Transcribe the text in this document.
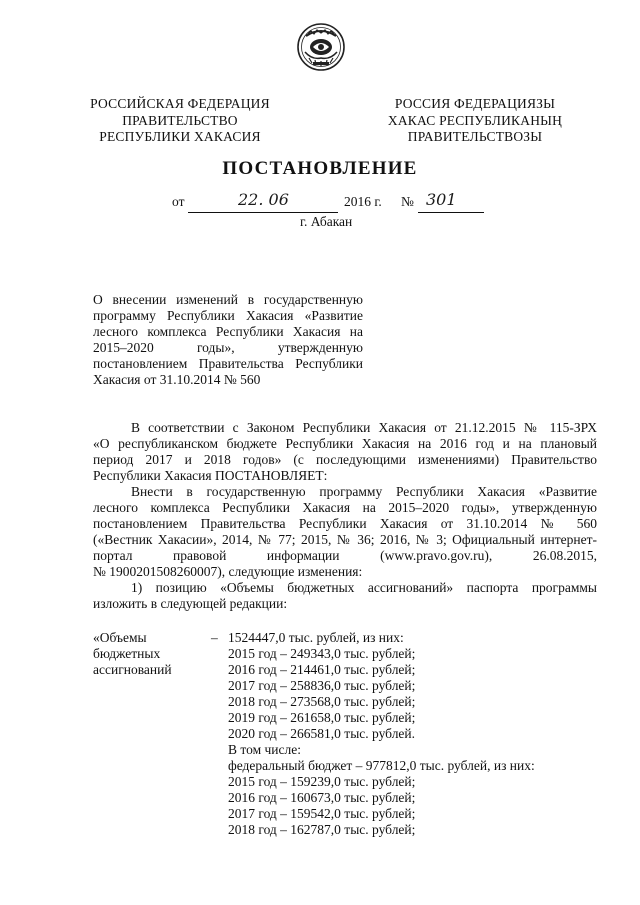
РОССИЙСКАЯ ФЕДЕРАЦИЯ
ПРАВИТЕЛЬСТВО
РЕСПУБЛИКИ ХАКАСИЯ
РОССИЯ ФЕДЕРАЦИЯЗЫ
ХАКАС РЕСПУБЛИКАНЫҢ
ПРАВИТЕЛЬСТВОЗЫ
ПОСТАНОВЛЕНИЕ
от	22. 06	2016 г. № 301
г. Абакан
О внесении изменений в государственную
программу Республики Хакасия «Развитие
лесного комплекса Республики Хакасия на
2015–2020 годы», утвержденную
постановлением Правительства Республики
Хакасия от 31.10.2014 № 560
В соответствии с Законом Республики Хакасия от 21.12.2015 № 115-ЗРХ
«О республиканском бюджете Республики Хакасия на 2016 год и на плановый
период 2017 и 2018 годов» (с последующими изменениями) Правительство
Республики Хакасия ПОСТАНОВЛЯЕТ:
Внести в государственную программу Республики Хакасия «Развитие
лесного комплекса Республики Хакасия на 2015–2020 годы», утвержденную
постановлением Правительства Республики Хакасия от 31.10.2014 № 560
(«Вестник Хакасии», 2014, № 77; 2015, № 36; 2016, № 3; Официальный интернет-
портал правовой информации (www.pravo.gov.ru), 26.08.2015,
№ 1900201508260007), следующие изменения:
1) позицию «Объемы бюджетных ассигнований» паспорта программы
изложить в следующей редакции:
«Объемы
бюджетных
ассигнований
– 1524447,0 тыс. рублей, из них:
2015 год – 249343,0 тыс. рублей;
2016 год – 214461,0 тыс. рублей;
2017 год – 258836,0 тыс. рублей;
2018 год – 273568,0 тыс. рублей;
2019 год – 261658,0 тыс. рублей;
2020 год – 266581,0 тыс. рублей.
В том числе:
федеральный бюджет – 977812,0 тыс. рублей, из них:
2015 год – 159239,0 тыс. рублей;
2016 год – 160673,0 тыс. рублей;
2017 год – 159542,0 тыс. рублей;
2018 год – 162787,0 тыс. рублей;
